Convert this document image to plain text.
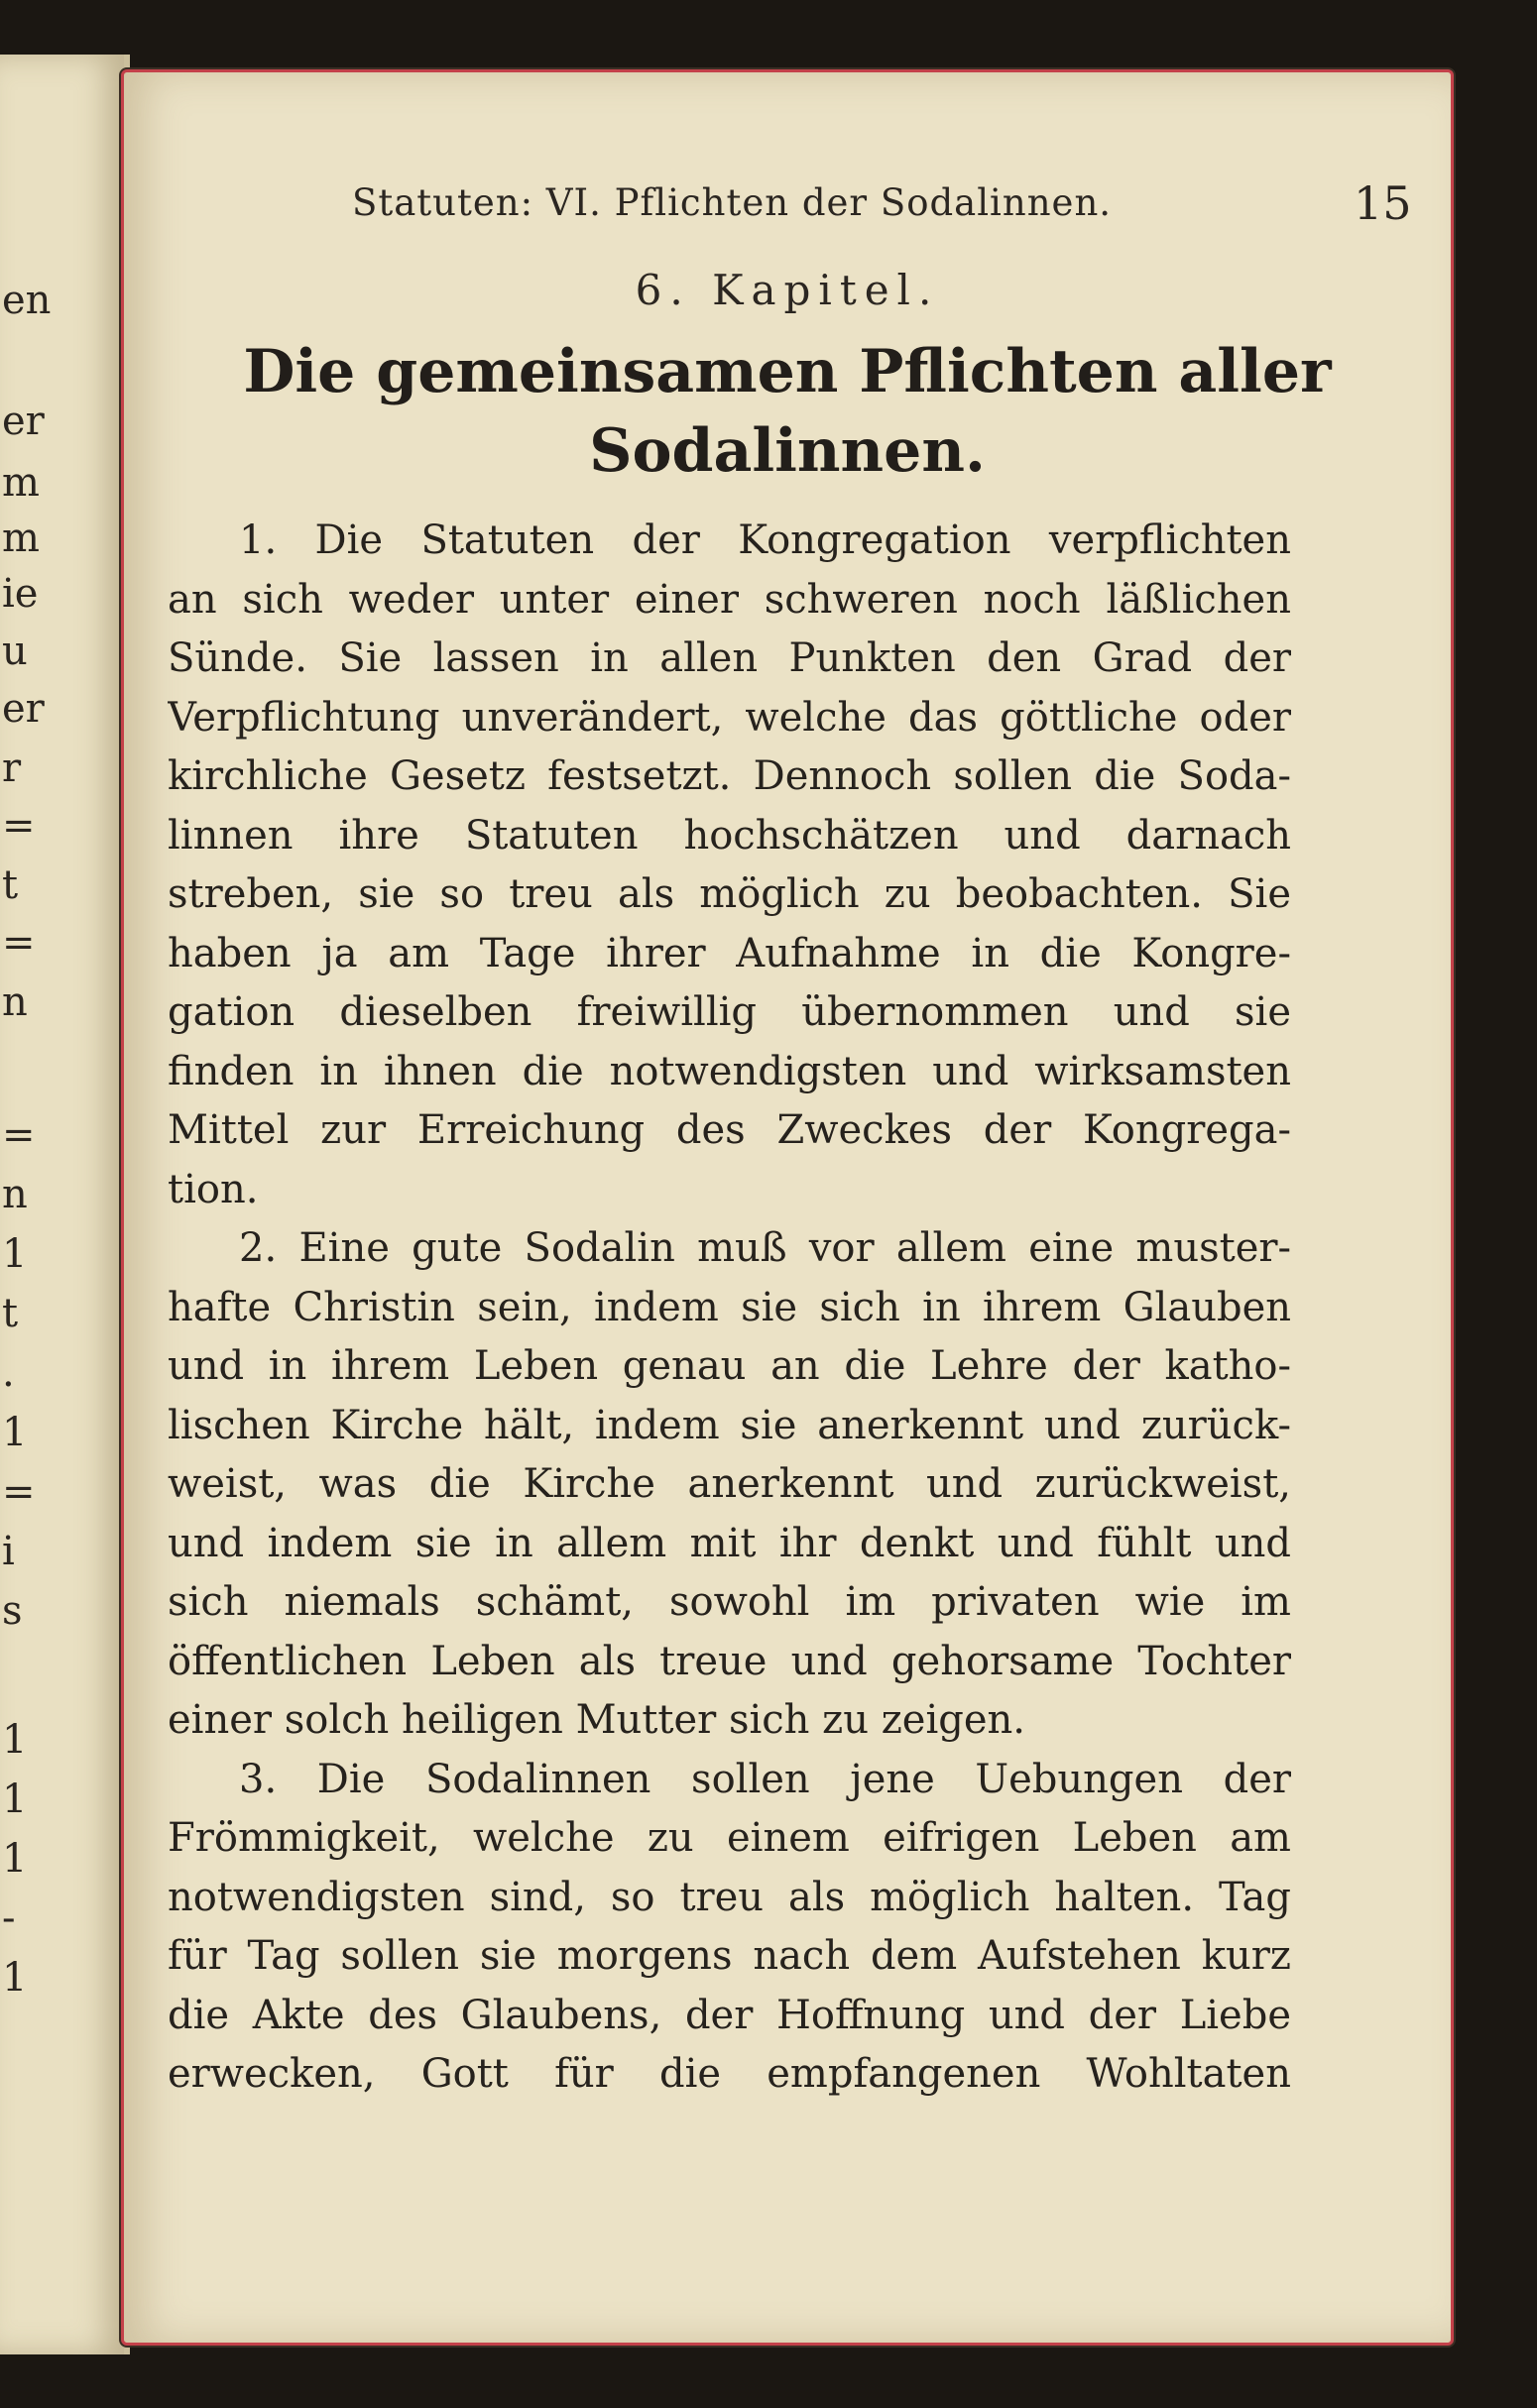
en
er
m
m
ie
u
er
r
=
t
=
n
=
n
1
t
.
1
=
i
s
1
1
1
-
1
Statuten: VI. Pflichten der Sodalinnen.	15
6. Kapitel.
Die gemeinsamen Pflichten aller
Sodalinnen.
1. Die Statuten der Kongregation verpflichten
an sich weder unter einer schweren noch läßlichen
Sünde. Sie lassen in allen Punkten den Grad der
Verpflichtung unverändert, welche das göttliche oder
kirchliche Gesetz festsetzt. Dennoch sollen die Soda-
linnen ihre Statuten hochschätzen und darnach
streben, sie so treu als möglich zu beobachten. Sie
haben ja am Tage ihrer Aufnahme in die Kongre-
gation dieselben freiwillig übernommen und sie
finden in ihnen die notwendigsten und wirksamsten
Mittel zur Erreichung des Zweckes der Kongrega-
tion.
2. Eine gute Sodalin muß vor allem eine muster-
hafte Christin sein, indem sie sich in ihrem Glauben
und in ihrem Leben genau an die Lehre der katho-
lischen Kirche hält, indem sie anerkennt und zurück-
weist, was die Kirche anerkennt und zurückweist,
und indem sie in allem mit ihr denkt und fühlt und
sich niemals schämt, sowohl im privaten wie im
öffentlichen Leben als treue und gehorsame Tochter
einer solch heiligen Mutter sich zu zeigen.
3. Die Sodalinnen sollen jene Uebungen der
Frömmigkeit, welche zu einem eifrigen Leben am
notwendigsten sind, so treu als möglich halten. Tag
für Tag sollen sie morgens nach dem Aufstehen kurz
die Akte des Glaubens, der Hoffnung und der Liebe
erwecken, Gott für die empfangenen Wohltaten
